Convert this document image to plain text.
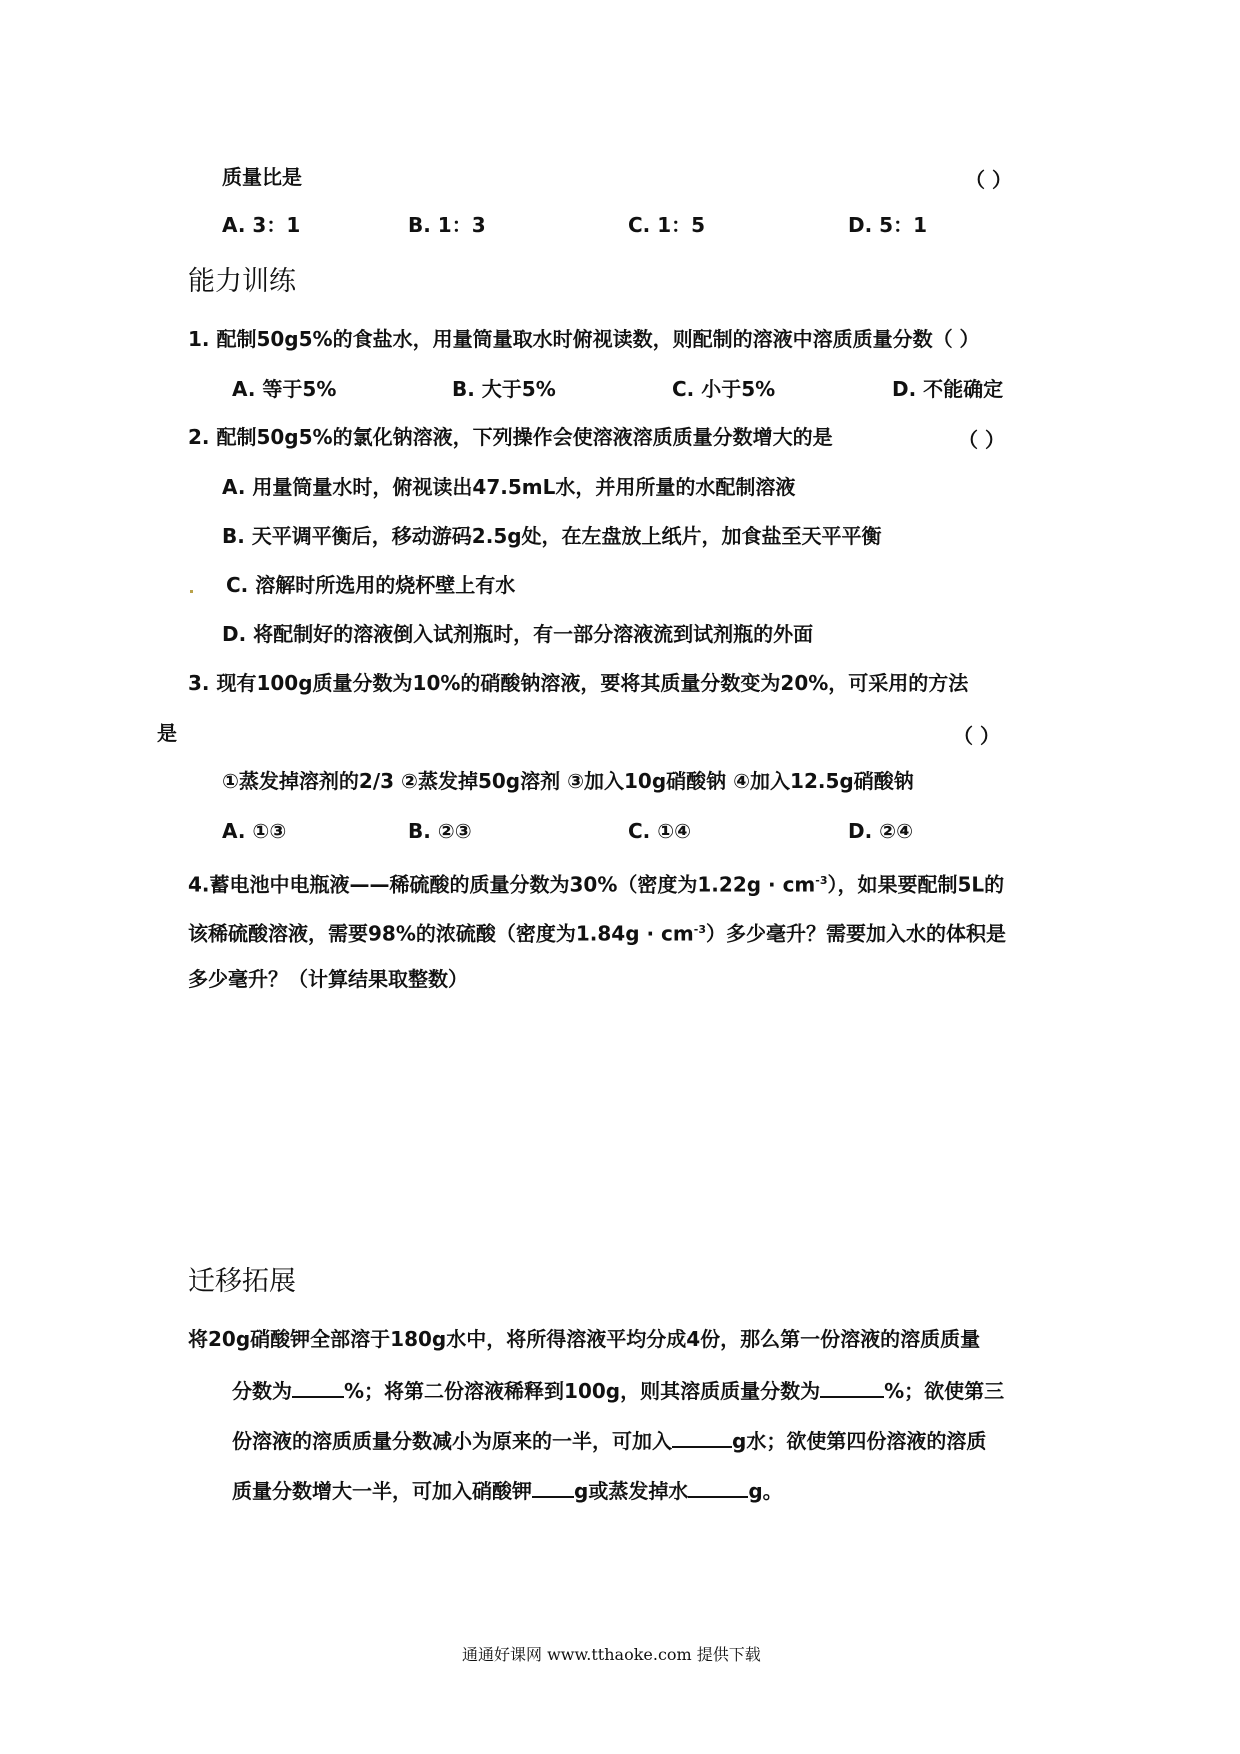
质量比是	（ ）
A. 3：1	B. 1：3	C. 1：5	D. 5：1
能力训练
1. 配制50g5%的食盐水，用量筒量取水时俯视读数，则配制的溶液中溶质质量分数（ ）
A. 等于5%	B. 大于5%	C. 小于5%	D. 不能确定
2. 配制50g5%的氯化钠溶液，下列操作会使溶液溶质质量分数增大的是	（ ）
A. 用量筒量水时，俯视读出47.5mL水，并用所量的水配制溶液
B. 天平调平衡后，移动游码2.5g处，在左盘放上纸片，加食盐至天平平衡
C. 溶解时所选用的烧杯壁上有水
D. 将配制好的溶液倒入试剂瓶时，有一部分溶液流到试剂瓶的外面
3. 现有100g质量分数为10%的硝酸钠溶液，要将其质量分数变为20%，可采用的方法
是	（ ）
①蒸发掉溶剂的2/3 ②蒸发掉50g溶剂 ③加入10g硝酸钠 ④加入12.5g硝酸钠
A. ①③	B. ②③	C. ①④	D. ②④
4.蓄电池中电瓶液——稀硫酸的质量分数为30%（密度为$1.22g \cdot cm^{-3}$），如果要配制5L的
该稀硫酸溶液，需要98%的浓硫酸（密度为$1.84g \cdot cm^{-3}$）多少毫升？需要加入水的体积是
多少毫升？（计算结果取整数）
迁移拓展
将20g硝酸钾全部溶于180g水中，将所得溶液平均分成4份，那么第一份溶液的溶质质量
分数为	%；将第二份溶液稀释到100g，则其溶质质量分数为	%；欲使第三
份溶液的溶质质量分数减小为原来的一半，可加入	g水；欲使第四份溶液的溶质
质量分数增大一半，可加入硝酸钾 g或蒸发掉水	g。
通通好课网 www.tthaoke.com 提供下载
